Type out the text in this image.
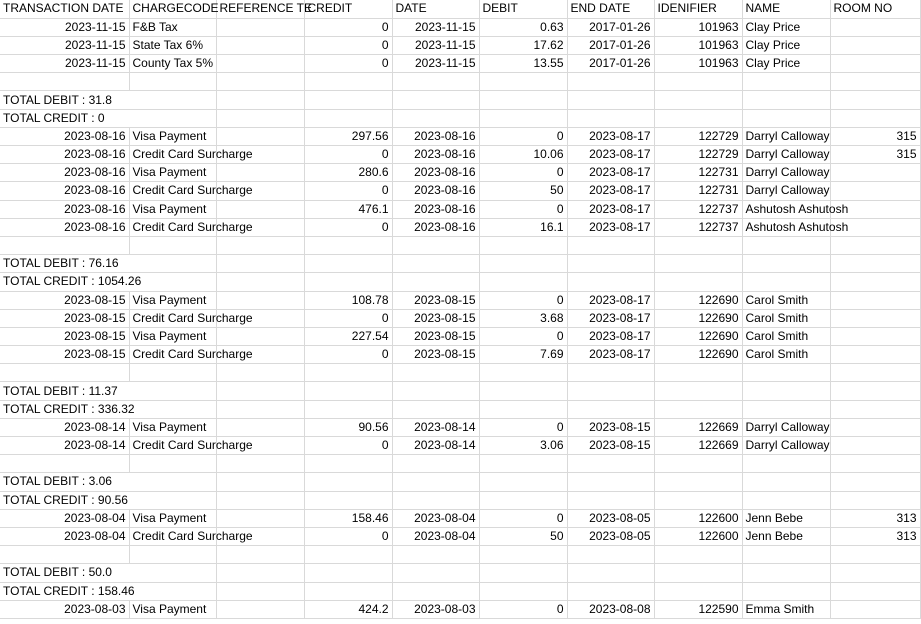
TRANSACTION DATE	CHARGECODE	REFERENCE TE	CREDIT	DATE	DEBIT	END DATE	IDENIFIER	NAME	ROOM NO
2023-11-15	F&B Tax		0	2023-11-15	0.63	2017-01-26	101963	Clay Price	
2023-11-15	State Tax 6%		0	2023-11-15	17.62	2017-01-26	101963	Clay Price	
2023-11-15	County Tax 5%		0	2023-11-15	13.55	2017-01-26	101963	Clay Price	

TOTAL DEBIT : 31.8									
TOTAL CREDIT : 0									
2023-08-16	Visa Payment		297.56	2023-08-16	0	2023-08-17	122729	Darryl Calloway	315
2023-08-16	Credit Card Surcharge		0	2023-08-16	10.06	2023-08-17	122729	Darryl Calloway	315
2023-08-16	Visa Payment		280.6	2023-08-16	0	2023-08-17	122731	Darryl Calloway	
2023-08-16	Credit Card Surcharge		0	2023-08-16	50	2023-08-17	122731	Darryl Calloway	
2023-08-16	Visa Payment		476.1	2023-08-16	0	2023-08-17	122737	Ashutosh Ashutosh	
2023-08-16	Credit Card Surcharge		0	2023-08-16	16.1	2023-08-17	122737	Ashutosh Ashutosh	

TOTAL DEBIT : 76.16									
TOTAL CREDIT : 1054.26									
2023-08-15	Visa Payment		108.78	2023-08-15	0	2023-08-17	122690	Carol Smith	
2023-08-15	Credit Card Surcharge		0	2023-08-15	3.68	2023-08-17	122690	Carol Smith	
2023-08-15	Visa Payment		227.54	2023-08-15	0	2023-08-17	122690	Carol Smith	
2023-08-15	Credit Card Surcharge		0	2023-08-15	7.69	2023-08-17	122690	Carol Smith	

TOTAL DEBIT : 11.37									
TOTAL CREDIT : 336.32									
2023-08-14	Visa Payment		90.56	2023-08-14	0	2023-08-15	122669	Darryl Calloway	
2023-08-14	Credit Card Surcharge		0	2023-08-14	3.06	2023-08-15	122669	Darryl Calloway	

TOTAL DEBIT : 3.06									
TOTAL CREDIT : 90.56									
2023-08-04	Visa Payment		158.46	2023-08-04	0	2023-08-05	122600	Jenn Bebe	313
2023-08-04	Credit Card Surcharge		0	2023-08-04	50	2023-08-05	122600	Jenn Bebe	313

TOTAL DEBIT : 50.0									
TOTAL CREDIT : 158.46									
2023-08-03	Visa Payment		424.2	2023-08-03	0	2023-08-08	122590	Emma Smith	
